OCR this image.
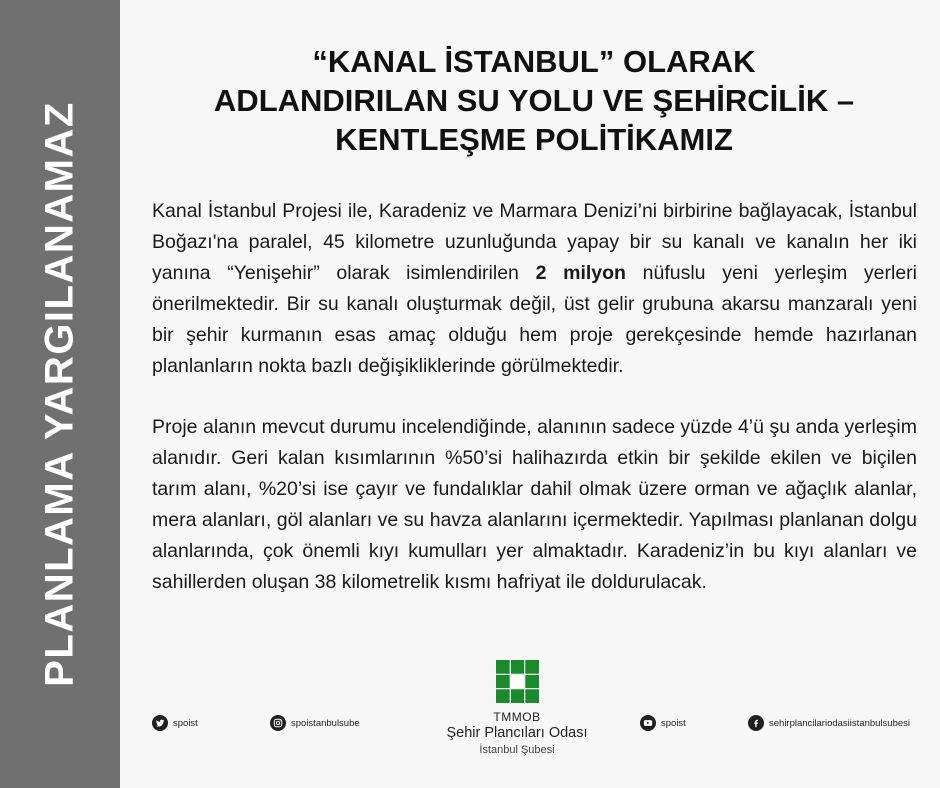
PLANLAMA YARGILANAMAZ
“KANAL İSTANBUL” OLARAK
ADLANDIRILAN SU YOLU VE ŞEHİRCİLİK –
KENTLEŞME POLİTİKAMIZ

Kanal İstanbul Projesi ile, Karadeniz ve Marmara Denizi’ni birbirine bağlayacak, İstanbul Boğazı'na paralel, 45 kilometre uzunluğunda yapay bir su kanalı ve kanalın her iki yanına “Yenişehir” olarak isimlendirilen 2 milyon nüfuslu yeni yerleşim yerleri önerilmektedir. Bir su kanalı oluşturmak değil, üst gelir grubuna akarsu manzaralı yeni bir şehir kurmanın esas amaç olduğu hem proje gerekçesinde hemde hazırlanan planlanların nokta bazlı değişikliklerinde görülmektedir.

Proje alanın mevcut durumu incelendiğinde, alanının sadece yüzde 4’ü şu anda yerleşim alanıdır. Geri kalan kısımlarının %50’si halihazırda etkin bir şekilde ekilen ve biçilen tarım alanı, %20’si ise çayır ve fundalıklar dahil olmak üzere orman ve ağaçlık alanlar, mera alanları, göl alanları ve su havza alanlarını içermektedir. Yapılması planlanan dolgu alanlarında, çok önemli kıyı kumulları yer almaktadır. Karadeniz’in bu kıyı alanları ve sahillerden oluşan 38 kilometrelik kısmı hafriyat ile doldurulacak.

spoist	spoistanbulsube	spoist	sehirplancilariodasiistanbulsubesi
TMMOB
Şehir Plancıları Odası
İstanbul Şubesi
